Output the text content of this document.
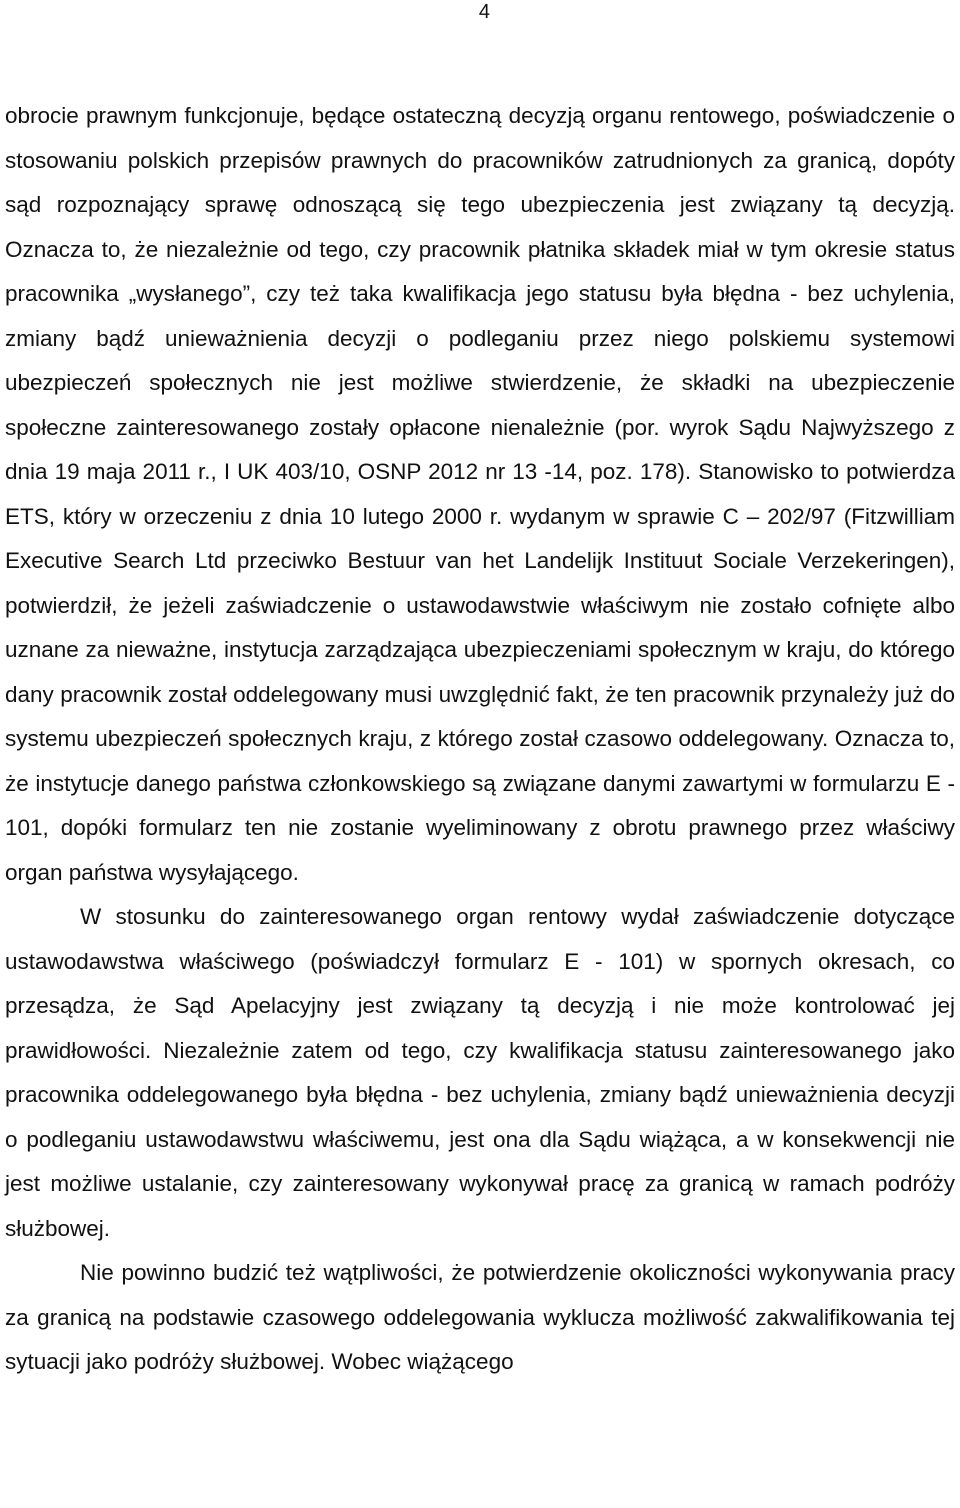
4

obrocie prawnym funkcjonuje, będące ostateczną decyzją organu rentowego, poświadczenie o stosowaniu polskich przepisów prawnych do pracowników zatrudnionych za granicą, dopóty sąd rozpoznający sprawę odnoszącą się tego ubezpieczenia jest związany tą decyzją. Oznacza to, że niezależnie od tego, czy pracownik płatnika składek miał w tym okresie status pracownika „wysłanego”, czy też taka kwalifikacja jego statusu była błędna - bez uchylenia, zmiany bądź unieważnienia decyzji o podleganiu przez niego polskiemu systemowi ubezpieczeń społecznych nie jest możliwe stwierdzenie, że składki na ubezpieczenie społeczne zainteresowanego zostały opłacone nienależnie (por. wyrok Sądu Najwyższego z dnia 19 maja 2011 r., I UK 403/10, OSNP 2012 nr 13 -14, poz. 178). Stanowisko to potwierdza ETS, który w orzeczeniu z dnia 10 lutego 2000 r. wydanym w sprawie C – 202/97 (Fitzwilliam Executive Search Ltd przeciwko Bestuur van het Landelijk Instituut Sociale Verzekeringen), potwierdził, że jeżeli zaświadczenie o ustawodawstwie właściwym nie zostało cofnięte albo uznane za nieważne, instytucja zarządzająca ubezpieczeniami społecznym w kraju, do którego dany pracownik został oddelegowany musi uwzględnić fakt, że ten pracownik przynależy już do systemu ubezpieczeń społecznych kraju, z którego został czasowo oddelegowany. Oznacza to, że instytucje danego państwa członkowskiego są związane danymi zawartymi w formularzu E - 101, dopóki formularz ten nie zostanie wyeliminowany z obrotu prawnego przez właściwy organ państwa wysyłającego.

W stosunku do zainteresowanego organ rentowy wydał zaświadczenie dotyczące ustawodawstwa właściwego (poświadczył formularz E - 101) w spornych okresach, co przesądza, że Sąd Apelacyjny jest związany tą decyzją i nie może kontrolować jej prawidłowości. Niezależnie zatem od tego, czy kwalifikacja statusu zainteresowanego jako pracownika oddelegowanego była błędna - bez uchylenia, zmiany bądź unieważnienia decyzji o podleganiu ustawodawstwu właściwemu, jest ona dla Sądu wiążąca, a w konsekwencji nie jest możliwe ustalanie, czy zainteresowany wykonywał pracę za granicą w ramach podróży służbowej.

Nie powinno budzić też wątpliwości, że potwierdzenie okoliczności wykonywania pracy za granicą na podstawie czasowego oddelegowania wyklucza możliwość zakwalifikowania tej sytuacji jako podróży służbowej. Wobec wiążącego
